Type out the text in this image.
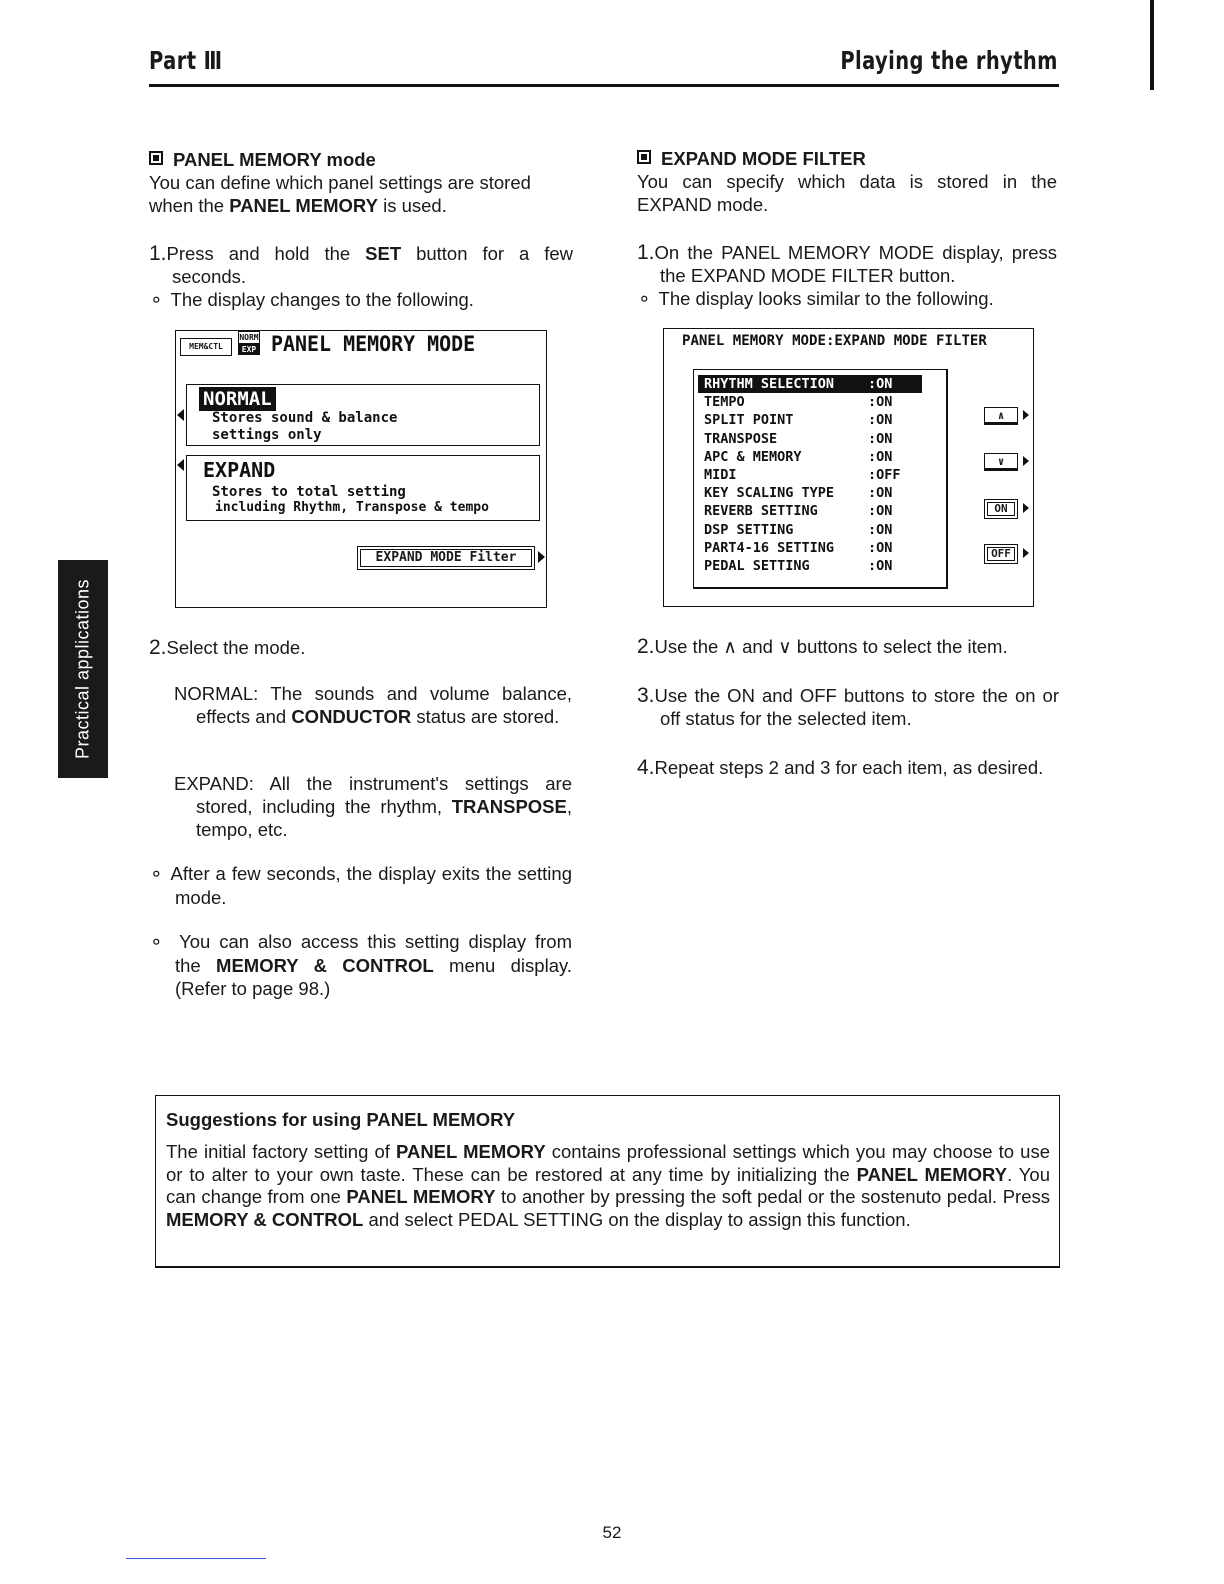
Part Ⅲ	Playing the rhythm
Practical applications
PANEL MEMORY mode
You can define which panel settings are stored when the PANEL MEMORY is used.
1.Press and hold the SET button for a few seconds.
∘ The display changes to the following.
MEM&CTL
NORM
EXP PANEL MEMORY MODE
NORMAL
Stores sound & balance
settings only
EXPAND
Stores to total setting
including Rhythm, Transpose & tempo
EXPAND MODE Filter
2.Select the mode.
NORMAL: The sounds and volume balance, effects and CONDUCTOR status are stored.
EXPAND: All the instrument's settings are stored, including the rhythm, TRANSPOSE, tempo, etc.
∘ After a few seconds, the display exits the setting mode.
∘ You can also access this setting display from the MEMORY & CONTROL menu display. (Refer to page 98.)
EXPAND MODE FILTER
You can specify which data is stored in the EXPAND mode.
1.On the PANEL MEMORY MODE display, press the EXPAND MODE FILTER button.
∘ The display looks similar to the following.
PANEL MEMORY MODE:EXPAND MODE FILTER
RHYTHM SELECTION	:ON
TEMPO	:ON
SPLIT POINT	:ON
TRANSPOSE	:ON
APC & MEMORY	:ON
MIDI	:OFF
KEY SCALING TYPE	:ON
REVERB SETTING	:ON
DSP SETTING	:ON
PART4-16 SETTING	:ON
PEDAL SETTING	:ON
∧
∨
ON
OFF
2.Use the ∧ and ∨ buttons to select the item.
3.Use the ON and OFF buttons to store the on or off status for the selected item.
4.Repeat steps 2 and 3 for each item, as desired.
Suggestions for using PANEL MEMORY
The initial factory setting of PANEL MEMORY contains professional settings which you may choose to use or to alter to your own taste. These can be restored at any time by initializing the PANEL MEMORY. You can change from one PANEL MEMORY to another by pressing the soft pedal or the sostenuto pedal. Press MEMORY & CONTROL and select PEDAL SETTING on the display to assign this function.
52
